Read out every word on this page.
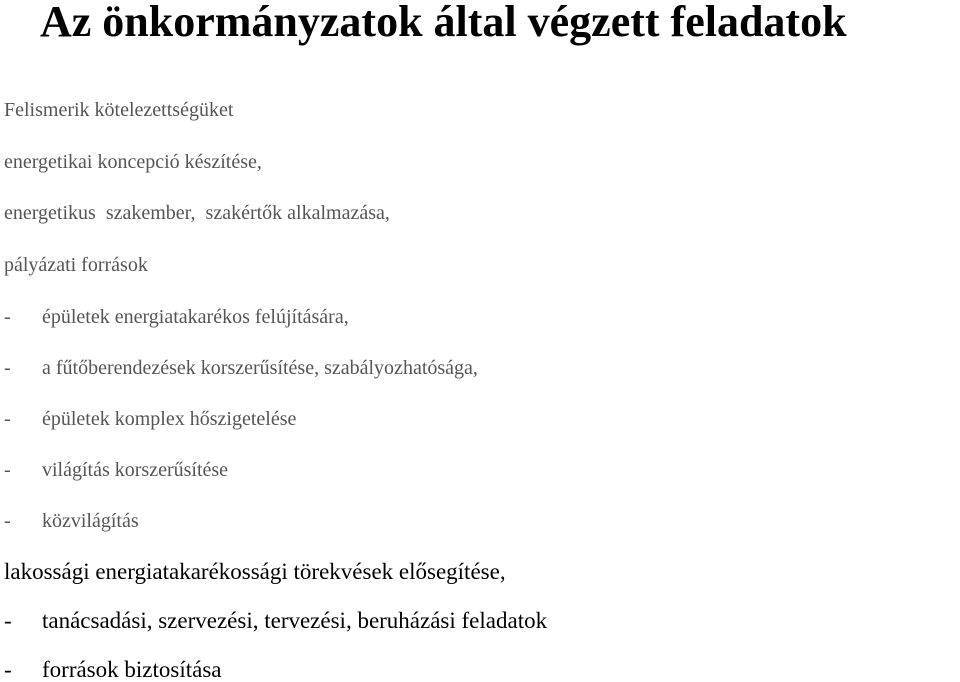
Az önkormányzatok által végzett feladatok
Felismerik kötelezettségüket
energetikai koncepció készítése,
energetikus  szakember,  szakértők alkalmazása,
pályázati források
- épületek energiatakarékos felújítására,
- a fűtőberendezések korszerűsítése, szabályozhatósága,
- épületek komplex hőszigetelése
- világítás korszerűsítése
- közvilágítás
lakossági energiatakarékossági törekvések elősegítése,
- tanácsadási, szervezési, tervezési, beruházási feladatok
- források biztosítása
